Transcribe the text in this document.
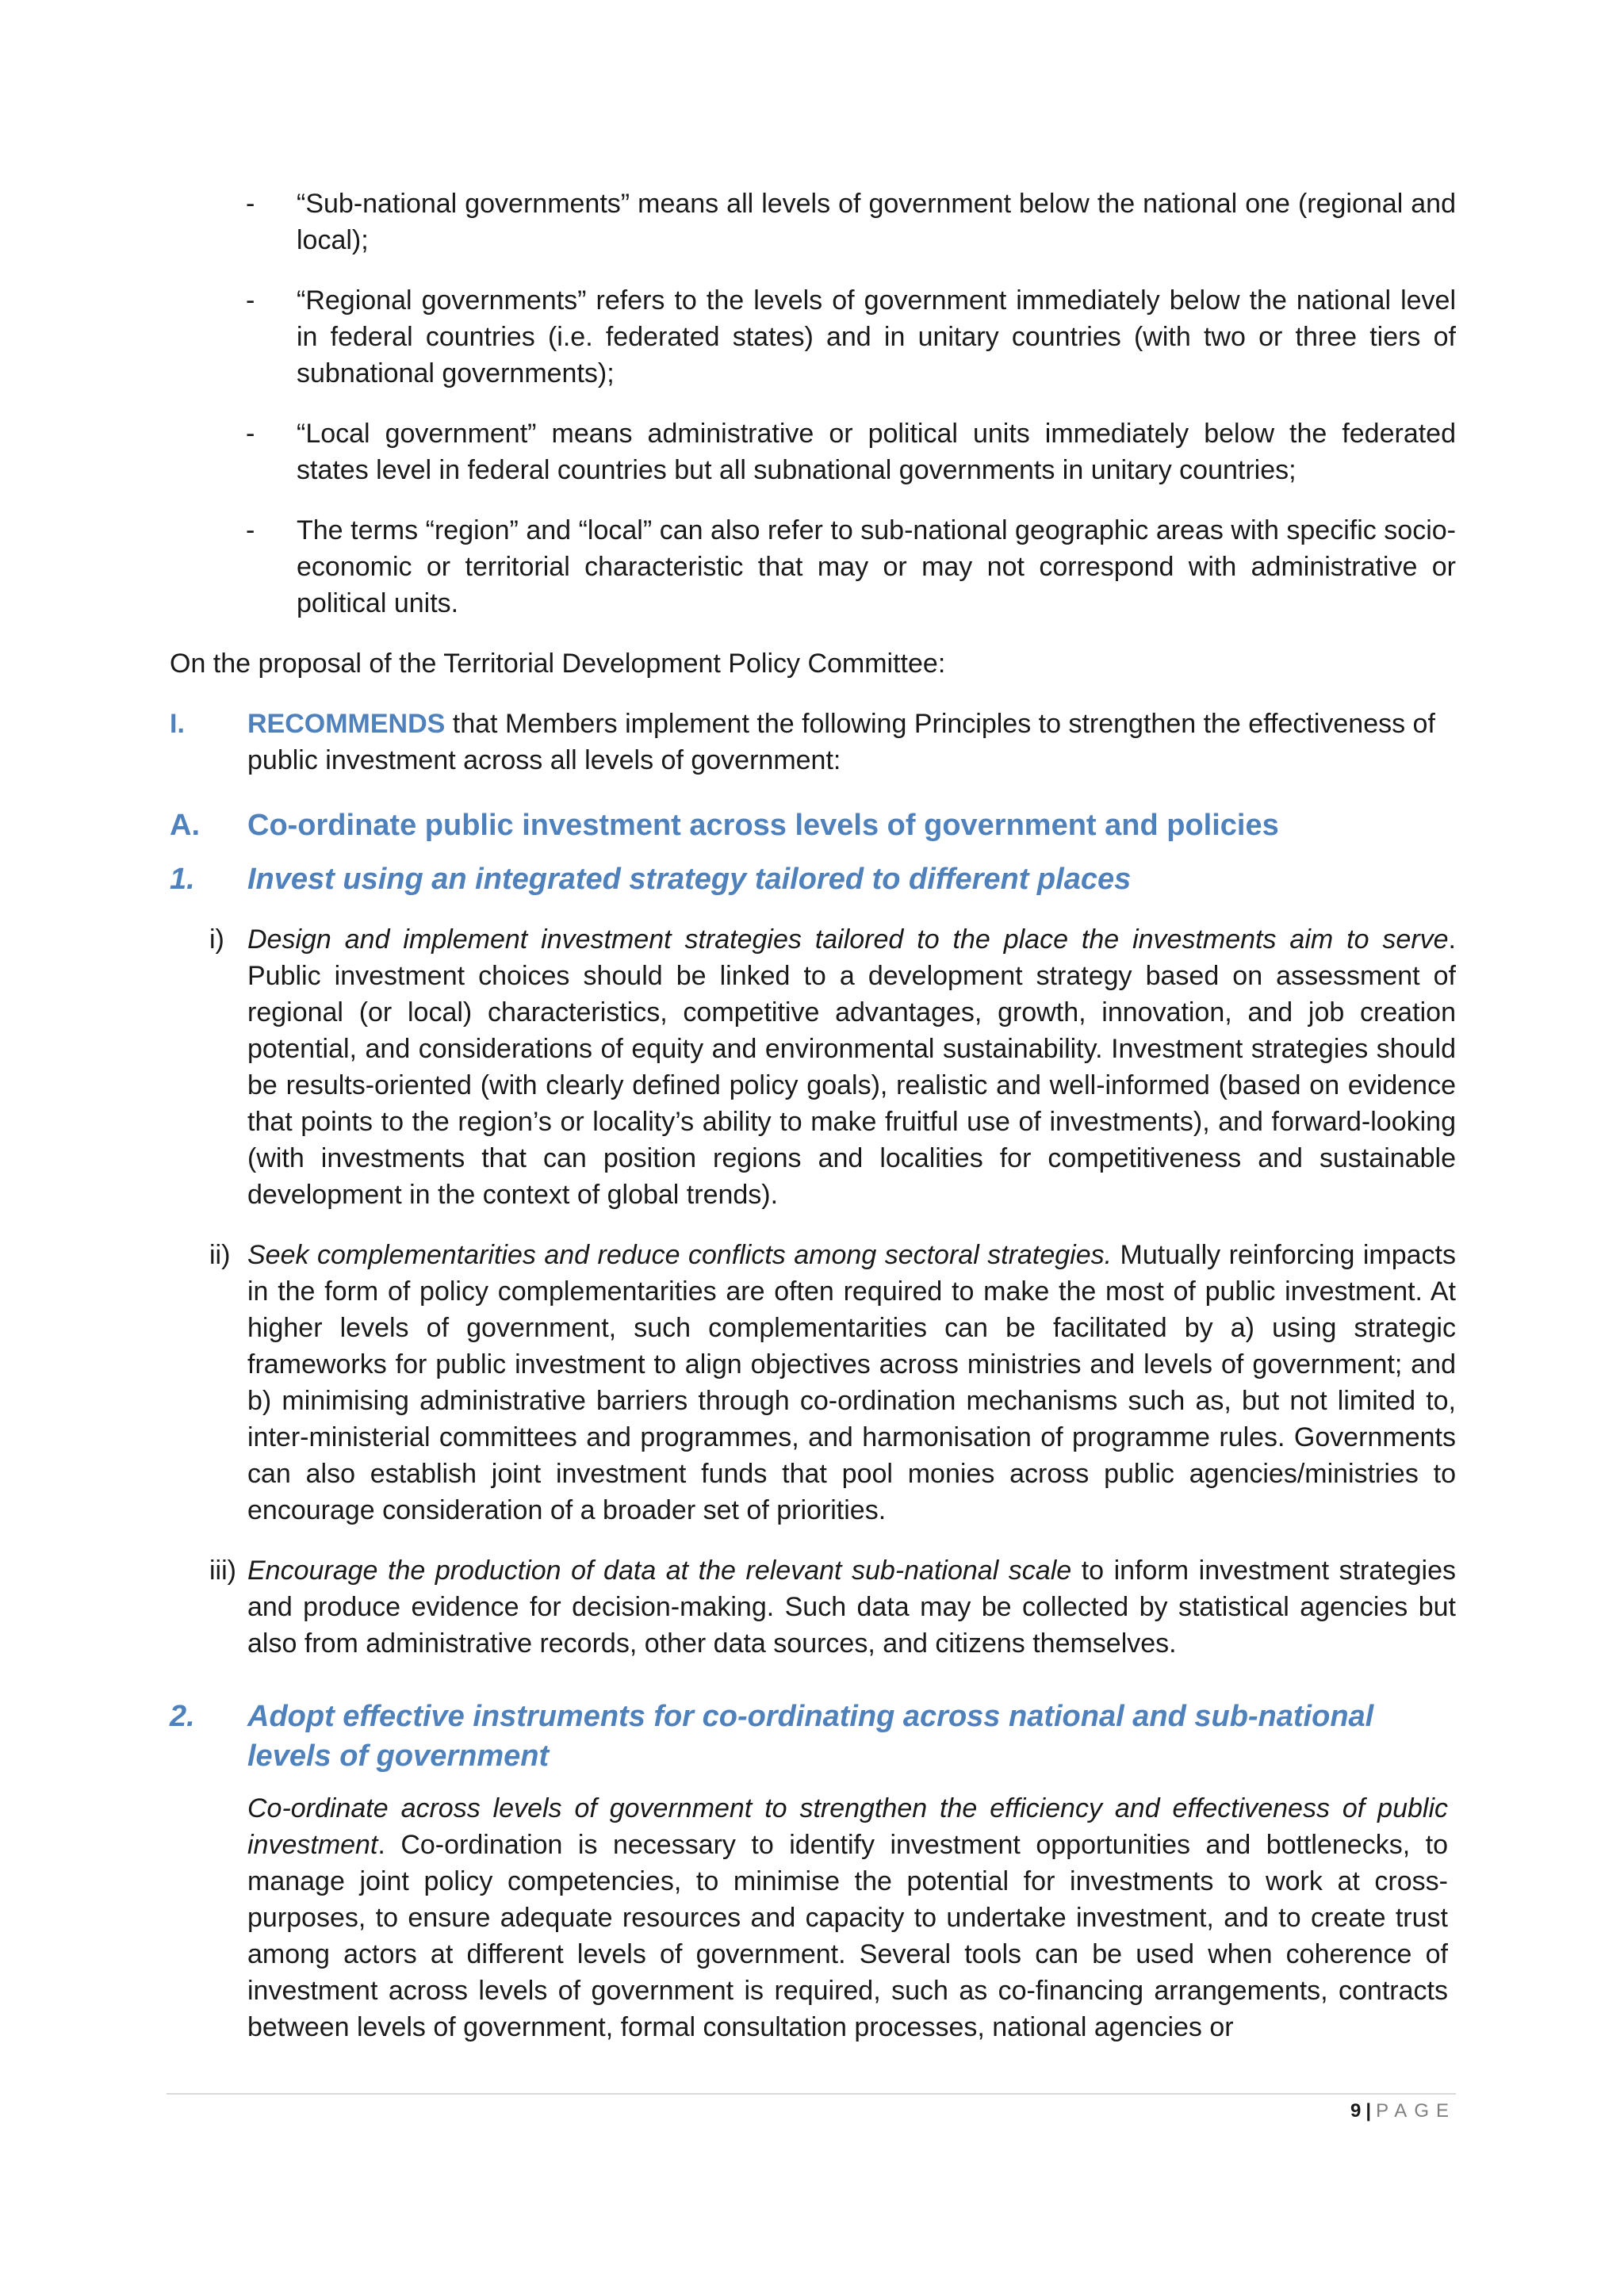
- “Sub-national governments” means all levels of government below the national one (regional and local);

- “Regional governments” refers to the levels of government immediately below the national level in federal countries (i.e. federated states) and in unitary countries (with two or three tiers of subnational governments);

- “Local government” means administrative or political units immediately below the federated states level in federal countries but all subnational governments in unitary countries;

- The terms “region” and “local” can also refer to sub-national geographic areas with specific socio-economic or territorial characteristic that may or may not correspond with administrative or political units.

On the proposal of the Territorial Development Policy Committee:

I. RECOMMENDS that Members implement the following Principles to strengthen the effectiveness of public investment across all levels of government:

A. Co-ordinate public investment across levels of government and policies
1. Invest using an integrated strategy tailored to different places
i) Design and implement investment strategies tailored to the place the investments aim to serve. Public investment choices should be linked to a development strategy based on assessment of regional (or local) characteristics, competitive advantages, growth, innovation, and job creation potential, and considerations of equity and environmental sustainability. Investment strategies should be results-oriented (with clearly defined policy goals), realistic and well-informed (based on evidence that points to the region’s or locality’s ability to make fruitful use of investments), and forward-looking (with investments that can position regions and localities for competitiveness and sustainable development in the context of global trends).

ii) Seek complementarities and reduce conflicts among sectoral strategies. Mutually reinforcing impacts in the form of policy complementarities are often required to make the most of public investment. At higher levels of government, such complementarities can be facilitated by a) using strategic frameworks for public investment to align objectives across ministries and levels of government; and b) minimising administrative barriers through co-ordination mechanisms such as, but not limited to, inter-ministerial committees and programmes, and harmonisation of programme rules. Governments can also establish joint investment funds that pool monies across public agencies/ministries to encourage consideration of a broader set of priorities.

iii) Encourage the production of data at the relevant sub-national scale to inform investment strategies and produce evidence for decision-making. Such data may be collected by statistical agencies but also from administrative records, other data sources, and citizens themselves.

2. Adopt effective instruments for co-ordinating across national and sub-national levels of government

Co-ordinate across levels of government to strengthen the efficiency and effectiveness of public investment. Co-ordination is necessary to identify investment opportunities and bottlenecks, to manage joint policy competencies, to minimise the potential for investments to work at cross-purposes, to ensure adequate resources and capacity to undertake investment, and to create trust among actors at different levels of government. Several tools can be used when coherence of investment across levels of government is required, such as co-financing arrangements, contracts between levels of government, formal consultation processes, national agencies or

9 | PAGE
